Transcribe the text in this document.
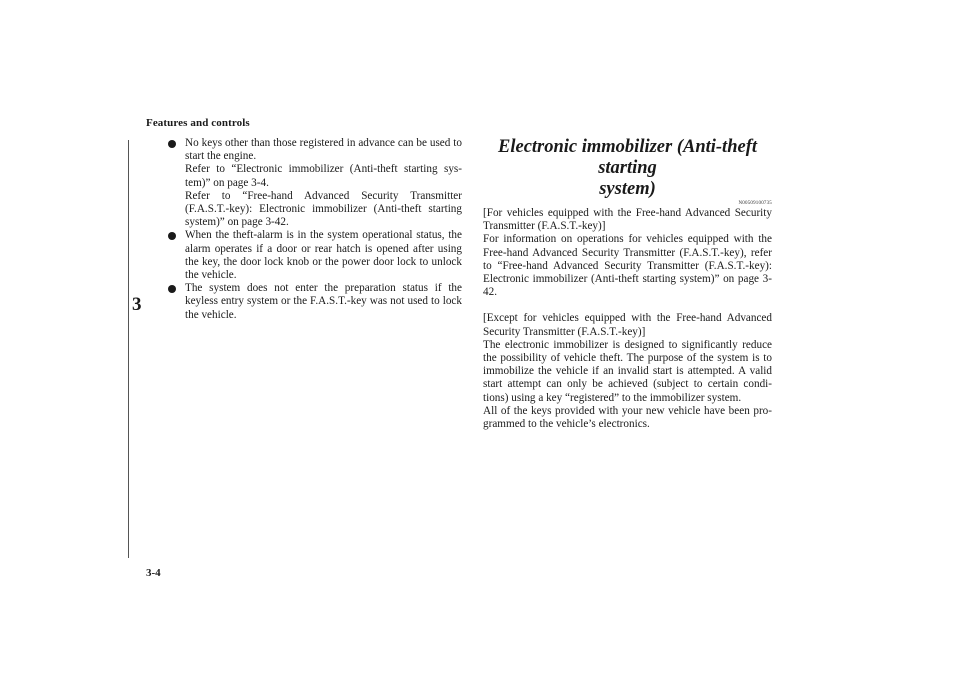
Features and controls
3
No keys other than those registered in advance can be used to start the engine.
Refer to “Electronic immobilizer (Anti-theft starting sys-tem)” on page 3-4.
Refer to “Free-hand Advanced Security Transmitter (F.A.S.T.-key): Electronic immobilizer (Anti-theft starting system)” on page 3-42.
When the theft-alarm is in the system operational status, the alarm operates if a door or rear hatch is opened after using the key, the door lock knob or the power door lock to unlock the vehicle.
The system does not enter the preparation status if the keyless entry system or the F.A.S.T.-key was not used to lock the vehicle.
Electronic immobilizer (Anti-theft starting
system)
N00509100735

[For vehicles equipped with the Free-hand Advanced Security Transmitter (F.A.S.T.-key)]

For information on operations for vehicles equipped with the Free-hand Advanced Security Transmitter (F.A.S.T.-key), refer to “Free-hand Advanced Security Transmitter (F.A.S.T.-key): Electronic immobilizer (Anti-theft starting system)” on page 3-42.

[Except for vehicles equipped with the Free-hand Advanced Security Transmitter (F.A.S.T.-key)]

The electronic immobilizer is designed to significantly reduce the possibility of vehicle theft. The purpose of the system is to immobilize the vehicle if an invalid start is attempted. A valid start attempt can only be achieved (subject to certain condi-tions) using a key “registered” to the immobilizer system.

All of the keys provided with your new vehicle have been pro-grammed to the vehicle’s electronics.

3-4
